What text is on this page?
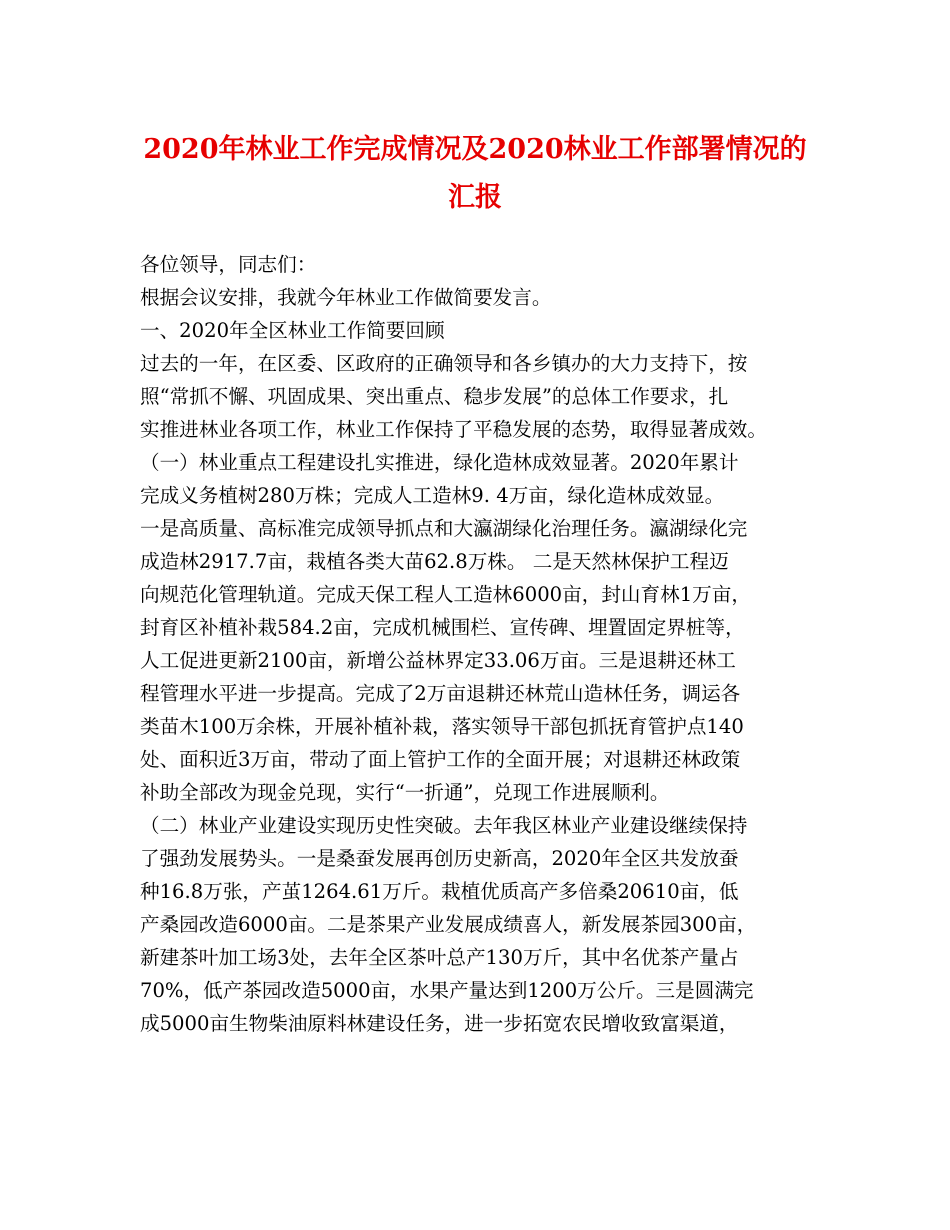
2020年林业工作完成情况及2020林业工作部署情况的
汇报
各位领导，同志们：
根据会议安排，我就今年林业工作做简要发言。
一、2020年全区林业工作简要回顾
过去的一年，在区委、区政府的正确领导和各乡镇办的大力支持下，按
照“常抓不懈、巩固成果、突出重点、稳步发展”的总体工作要求，扎
实推进林业各项工作，林业工作保持了平稳发展的态势，取得显著成效。
（一）林业重点工程建设扎实推进，绿化造林成效显著。2020年累计
完成义务植树280万株；完成人工造林9. 4万亩，绿化造林成效显。
一是高质量、高标准完成领导抓点和大瀛湖绿化治理任务。瀛湖绿化完
成造林2917.7亩，栽植各类大苗62.8万株。 二是天然林保护工程迈
向规范化管理轨道。完成天保工程人工造林6000亩，封山育林1万亩，
封育区补植补栽584.2亩，完成机械围栏、宣传碑、埋置固定界桩等，
人工促进更新2100亩，新增公益林界定33.06万亩。三是退耕还林工
程管理水平进一步提高。完成了2万亩退耕还林荒山造林任务，调运各
类苗木100万余株，开展补植补栽，落实领导干部包抓抚育管护点140
处、面积近3万亩，带动了面上管护工作的全面开展；对退耕还林政策
补助全部改为现金兑现，实行“一折通”，兑现工作进展顺利。
（二）林业产业建设实现历史性突破。去年我区林业产业建设继续保持
了强劲发展势头。一是桑蚕发展再创历史新高，2020年全区共发放蚕
种16.8万张，产茧1264.61万斤。栽植优质高产多倍桑20610亩，低
产桑园改造6000亩。二是茶果产业发展成绩喜人，新发展茶园300亩，
新建茶叶加工场3处，去年全区茶叶总产130万斤，其中名优茶产量占
70%，低产茶园改造5000亩，水果产量达到1200万公斤。三是圆满完
成5000亩生物柴油原料林建设任务，进一步拓宽农民增收致富渠道，
